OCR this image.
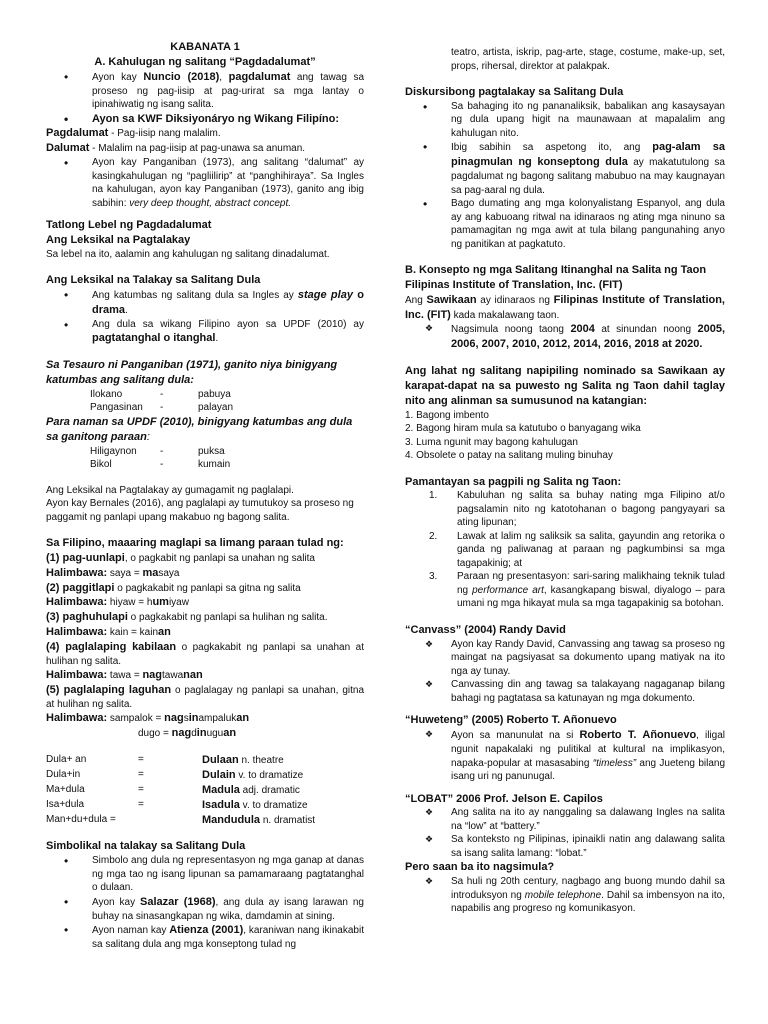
KABANATA 1

A. Kahulugan ng salitang “Pagdadalumat”

• Ayon kay Nuncio (2018), pagdalumat ang tawag sa proseso ng pag-iisip at pag-urirat sa mga lantay o ipinahiwatig ng isang salita.
• Ayon sa KWF Diksiyonáryo ng Wikang Filipíno:

Pagdalumat - Pag-iisip nang malalim.

Dalumat - Malalim na pag-iisip at pag-unawa sa anuman.

• Ayon kay Panganiban (1973), ang salitang “dalumat” ay kasingkahulugan ng “pagliilirip” at “panghihiraya”. Sa Ingles na kahulugan, ayon kay Panganiban (1973), ganito ang ibig sabihin: very deep thought, abstract concept.

Tatlong Lebel ng Pagdadalumat

Ang Leksikal na Pagtalakay

Sa lebel na ito, aalamin ang kahulugan ng salitang dinadalumat.

Ang Leksikal na Talakay sa Salitang Dula

• Ang katumbas ng salitang dula sa Ingles ay stage play o drama.
• Ang dula sa wikang Filipino ayon sa UPDF (2010) ay pagtatanghal o itanghal.

Sa Tesauro ni Panganiban (1971), ganito niya binigyang katumbas ang salitang dula:

Ilokano	-	pabuya
Pangasinan	-	palayan

Para naman sa UPDF (2010), binigyang katumbas ang dula sa ganitong paraan:

Hiligaynon	-	puksa
Bikol	-	kumain

Ang Leksikal na Pagtalakay ay gumagamit ng paglalapi.

Ayon kay Bernales (2016), ang paglalapi ay tumutukoy sa proseso ng paggamit ng panlapi upang makabuo ng bagong salita.

Sa Filipino, maaaring maglapi sa limang paraan tulad ng:

(1) pag-uunlapi, o pagkabit ng panlapi sa unahan ng salita

Halimbawa: saya = masaya

(2) paggitlapi o pagkakabit ng panlapi sa gitna ng salita

Halimbawa: hiyaw = humiyaw

(3) paghuhulapi o pagkakabit ng panlapi sa hulihan ng salita.

Halimbawa: kain = kainan

(4) paglalaping kabilaan o pagkakabit ng panlapi sa unahan at hulihan ng salita.

Halimbawa: tawa = nagtawanan

(5) paglalaping laguhan o paglalagay ng panlapi sa unahan, gitna at hulihan ng salita.

Halimbawa: sampalok = nagsinampalukan

dugo = nagdinuguan

Dula+ an	=	Dulaan n. theatre
Dula+in	=	Dulain v. to dramatize
Ma+dula	=	Madula adj. dramatic
Isa+dula	=	Isadula v. to dramatize
Man+du+dula =	Mandudula n. dramatist

Simbolikal na talakay sa Salitang Dula

• Simbolo ang dula ng representasyon ng mga ganap at danas ng mga tao ng isang lipunan sa pamamaraang pagtatanghal o dulaan.
• Ayon kay Salazar (1968), ang dula ay isang larawan ng buhay na sinasangkapan ng wika, damdamin at sining.
• Ayon naman kay Atienza (2001), karaniwan nang ikinakabit sa salitang dula ang mga konseptong tulad ng

teatro, artista, iskrip, pag-arte, stage, costume, make-up, set, props, rihersal, direktor at palakpak.

Diskursibong pagtalakay sa Salitang Dula

• Sa bahaging ito ng pananaliksik, babalikan ang kasaysayan ng dula upang higit na maunawaan at mapalalim ang kahulugan nito.
• Ibig sabihin sa aspetong ito, ang pag-alam sa pinagmulan ng konseptong dula ay makatutulong sa pagdalumat ng bagong salitang mabubuo na may kaugnayan sa pag-aaral ng dula.
• Bago dumating ang mga kolonyalistang Espanyol, ang dula ay ang kabuoang ritwal na idinaraos ng ating mga ninuno sa pamamagitan ng mga awit at tula bilang pangunahing anyo ng panitikan at pagkatuto.

B. Konsepto ng mga Salitang Itinanghal na Salita ng Taon

Filipinas Institute of Translation, Inc. (FIT)

Ang Sawikaan ay idinaraos ng Filipinas Institute of Translation, Inc. (FIT) kada makalawang taon.

❖ Nagsimula noong taong 2004 at sinundan noong 2005, 2006, 2007, 2010, 2012, 2014, 2016, 2018 at 2020.

Ang lahat ng salitang napipiling nominado sa Sawikaan ay karapat-dapat na sa puwesto ng Salita ng Taon dahil taglay nito ang alinman sa sumusunod na katangian:

1. Bagong imbento

2. Bagong hiram mula sa katutubo o banyagang wika

3. Luma ngunit may bagong kahulugan

4. Obsolete o patay na salitang muling binuhay

Pamantayan sa pagpili ng Salita ng Taon:

1. Kabuluhan ng salita sa buhay nating mga Filipino at/o pagsalamin nito ng katotohanan o bagong pangyayari sa ating lipunan;
2. Lawak at lalim ng saliksik sa salita, gayundin ang retorika o ganda ng paliwanag at paraan ng pagkumbinsi sa mga tagapakinig; at
3. Paraan ng presentasyon: sari-saring malikhaing teknik tulad ng performance art, kasangkapang biswal, diyalogo – para umani ng mga hikayat mula sa mga tagapakinig sa botohan.

“Canvass” (2004) Randy David

❖ Ayon kay Randy David, Canvassing ang tawag sa proseso ng maingat na pagsiyasat sa dokumento upang matiyak na ito nga ay tunay.
❖ Canvassing din ang tawag sa talakayang nagaganap bilang bahagi ng pagtatasa sa katunayan ng mga dokumento.

“Huweteng” (2005) Roberto T. Añonuevo

❖ Ayon sa manunulat na si Roberto T. Añonuevo, iligal ngunit napakalaki ng pulitikal at kultural na implikasyon, napaka-popular at masasabing “timeless” ang Jueteng bilang isang uri ng panunugal.

“LOBAT” 2006 Prof. Jelson E. Capilos

❖ Ang salita na ito ay nanggaling sa dalawang Ingles na salita na “low” at “battery.”
❖ Sa konteksto ng Pilipinas, ipinaikli natin ang dalawang salita sa isang salita lamang: “lobat.”

Pero saan ba ito nagsimula?

❖ Sa huli ng 20th century, nagbago ang buong mundo dahil sa introduksyon ng mobile telephone. Dahil sa imbensyon na ito, napabilis ang progreso ng komunikasyon.
